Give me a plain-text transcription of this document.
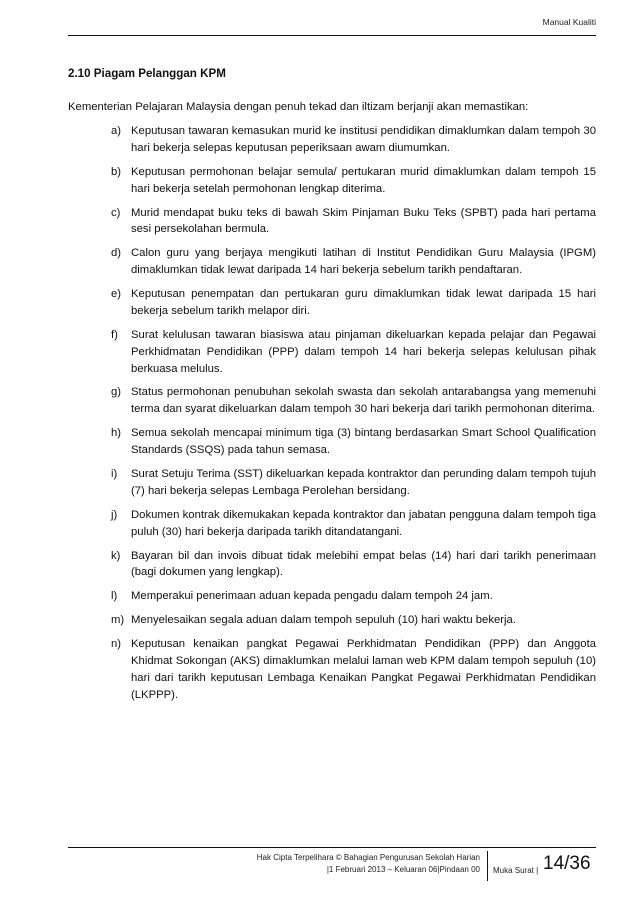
Manual Kualiti
2.10 Piagam Pelanggan KPM

Kementerian Pelajaran Malaysia dengan penuh tekad dan iltizam berjanji akan memastikan:

a) Keputusan tawaran kemasukan murid ke institusi pendidikan dimaklumkan dalam tempoh 30 hari bekerja selepas keputusan peperiksaan awam diumumkan.
b) Keputusan permohonan belajar semula/ pertukaran murid dimaklumkan dalam tempoh 15 hari bekerja setelah permohonan lengkap diterima.
c) Murid mendapat buku teks di bawah Skim Pinjaman Buku Teks (SPBT) pada hari pertama sesi persekolahan bermula.
d) Calon guru yang berjaya mengikuti latihan di Institut Pendidikan Guru Malaysia (IPGM) dimaklumkan tidak lewat daripada 14 hari bekerja sebelum tarikh pendaftaran.
e) Keputusan penempatan dan pertukaran guru dimaklumkan tidak lewat daripada 15 hari bekerja sebelum tarikh melapor diri.
f) Surat kelulusan tawaran biasiswa atau pinjaman dikeluarkan kepada pelajar dan Pegawai Perkhidmatan Pendidikan (PPP) dalam tempoh 14 hari bekerja selepas kelulusan pihak berkuasa melulus.
g) Status permohonan penubuhan sekolah swasta dan sekolah antarabangsa yang memenuhi terma dan syarat dikeluarkan dalam tempoh 30 hari bekerja dari tarikh permohonan diterima.
h) Semua sekolah mencapai minimum tiga (3) bintang berdasarkan Smart School Qualification Standards (SSQS) pada tahun semasa.
i) Surat Setuju Terima (SST) dikeluarkan kepada kontraktor dan perunding dalam tempoh tujuh (7) hari bekerja selepas Lembaga Perolehan bersidang.
j) Dokumen kontrak dikemukakan kepada kontraktor dan jabatan pengguna dalam tempoh tiga puluh (30) hari bekerja daripada tarikh ditandatangani.
k) Bayaran bil dan invois dibuat tidak melebihi empat belas (14) hari dari tarikh penerimaan (bagi dokumen yang lengkap).
l) Memperakui penerimaan aduan kepada pengadu dalam tempoh 24 jam.
m) Menyelesaikan segala aduan dalam tempoh sepuluh (10) hari waktu bekerja.
n) Keputusan kenaikan pangkat Pegawai Perkhidmatan Pendidikan (PPP) dan Anggota Khidmat Sokongan (AKS) dimaklumkan melalui laman web KPM dalam tempoh sepuluh (10) hari dari tarikh keputusan Lembaga Kenaikan Pangkat Pegawai Perkhidmatan Pendidikan (LKPPP).
Hak Cipta Terpelihara © Bahagian Pengurusan Sekolah Harian
|1 Februari 2013 – Keluaran 06|Pindaan 00 Muka Surat | 14/36
